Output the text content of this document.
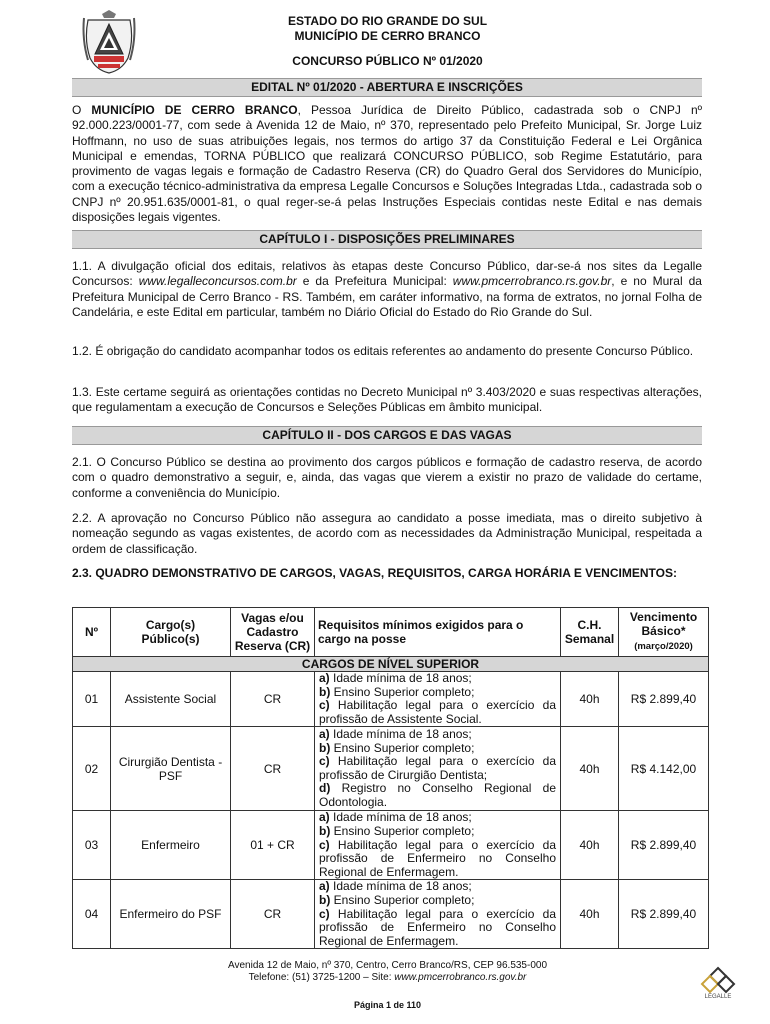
ESTADO DO RIO GRANDE DO SUL
MUNICÍPIO DE CERRO BRANCO
CONCURSO PÚBLICO Nº 01/2020
EDITAL Nº 01/2020 - ABERTURA E INSCRIÇÕES

O MUNICÍPIO DE CERRO BRANCO, Pessoa Jurídica de Direito Público, cadastrada sob o CNPJ nº 92.000.223/0001-77, com sede à Avenida 12 de Maio, nº 370, representado pelo Prefeito Municipal, Sr. Jorge Luiz Hoffmann, no uso de suas atribuições legais, nos termos do artigo 37 da Constituição Federal e Lei Orgânica Municipal e emendas, TORNA PÚBLICO que realizará CONCURSO PÚBLICO, sob Regime Estatutário, para provimento de vagas legais e formação de Cadastro Reserva (CR) do Quadro Geral dos Servidores do Município, com a execução técnico-administrativa da empresa Legalle Concursos e Soluções Integradas Ltda., cadastrada sob o CNPJ nº 20.951.635/0001-81, o qual reger-se-á pelas Instruções Especiais contidas neste Edital e nas demais disposições legais vigentes.

CAPÍTULO I - DISPOSIÇÕES PRELIMINARES

1.1. A divulgação oficial dos editais, relativos às etapas deste Concurso Público, dar-se-á nos sites da Legalle Concursos: www.legalleconcursos.com.br e da Prefeitura Municipal: www.pmcerrobranco.rs.gov.br, e no Mural da Prefeitura Municipal de Cerro Branco - RS. Também, em caráter informativo, na forma de extratos, no jornal Folha de Candelária, e este Edital em particular, também no Diário Oficial do Estado do Rio Grande do Sul.

1.2. É obrigação do candidato acompanhar todos os editais referentes ao andamento do presente Concurso Público.

1.3. Este certame seguirá as orientações contidas no Decreto Municipal nº 3.403/2020 e suas respectivas alterações, que regulamentam a execução de Concursos e Seleções Públicas em âmbito municipal.

CAPÍTULO II - DOS CARGOS E DAS VAGAS

2.1. O Concurso Público se destina ao provimento dos cargos públicos e formação de cadastro reserva, de acordo com o quadro demonstrativo a seguir, e, ainda, das vagas que vierem a existir no prazo de validade do certame, conforme a conveniência do Município.

2.2. A aprovação no Concurso Público não assegura ao candidato a posse imediata, mas o direito subjetivo à nomeação segundo as vagas existentes, de acordo com as necessidades da Administração Municipal, respeitada a ordem de classificação.

2.3. QUADRO DEMONSTRATIVO DE CARGOS, VAGAS, REQUISITOS, CARGA HORÁRIA E VENCIMENTOS:
Nº	Cargo(s)
Público(s)	Vagas e/ou
Cadastro
Reserva (CR)	Requisitos mínimos exigidos para o cargo na posse	C.H.
Semanal	Vencimento
Básico*
(março/2020)
CARGOS DE NÍVEL SUPERIOR					
01	Assistente Social	CR	a) Idade mínima de 18 anos;
b) Ensino Superior completo;
c) Habilitação legal para o exercício da profissão de Assistente Social.	40h	R$ 2.899,40
02	Cirurgião Dentista - PSF	CR	a) Idade mínima de 18 anos;
b) Ensino Superior completo;
c) Habilitação legal para o exercício da profissão de Cirurgião Dentista;
d) Registro no Conselho Regional de Odontologia.	40h	R$ 4.142,00
03	Enfermeiro	01 + CR	a) Idade mínima de 18 anos;
b) Ensino Superior completo;
c) Habilitação legal para o exercício da profissão de Enfermeiro no Conselho Regional de Enfermagem.	40h	R$ 2.899,40
04	Enfermeiro do PSF	CR	a) Idade mínima de 18 anos;
b) Ensino Superior completo;
c) Habilitação legal para o exercício da profissão de Enfermeiro no Conselho Regional de Enfermagem.	40h	R$ 2.899,40
Avenida 12 de Maio, nº 370, Centro, Cerro Branco/RS, CEP 96.535-000
Telefone: (51) 3725-1200 – Site: www.pmcerrobranco.rs.gov.br
Página 1 de 110
LEGALLE
